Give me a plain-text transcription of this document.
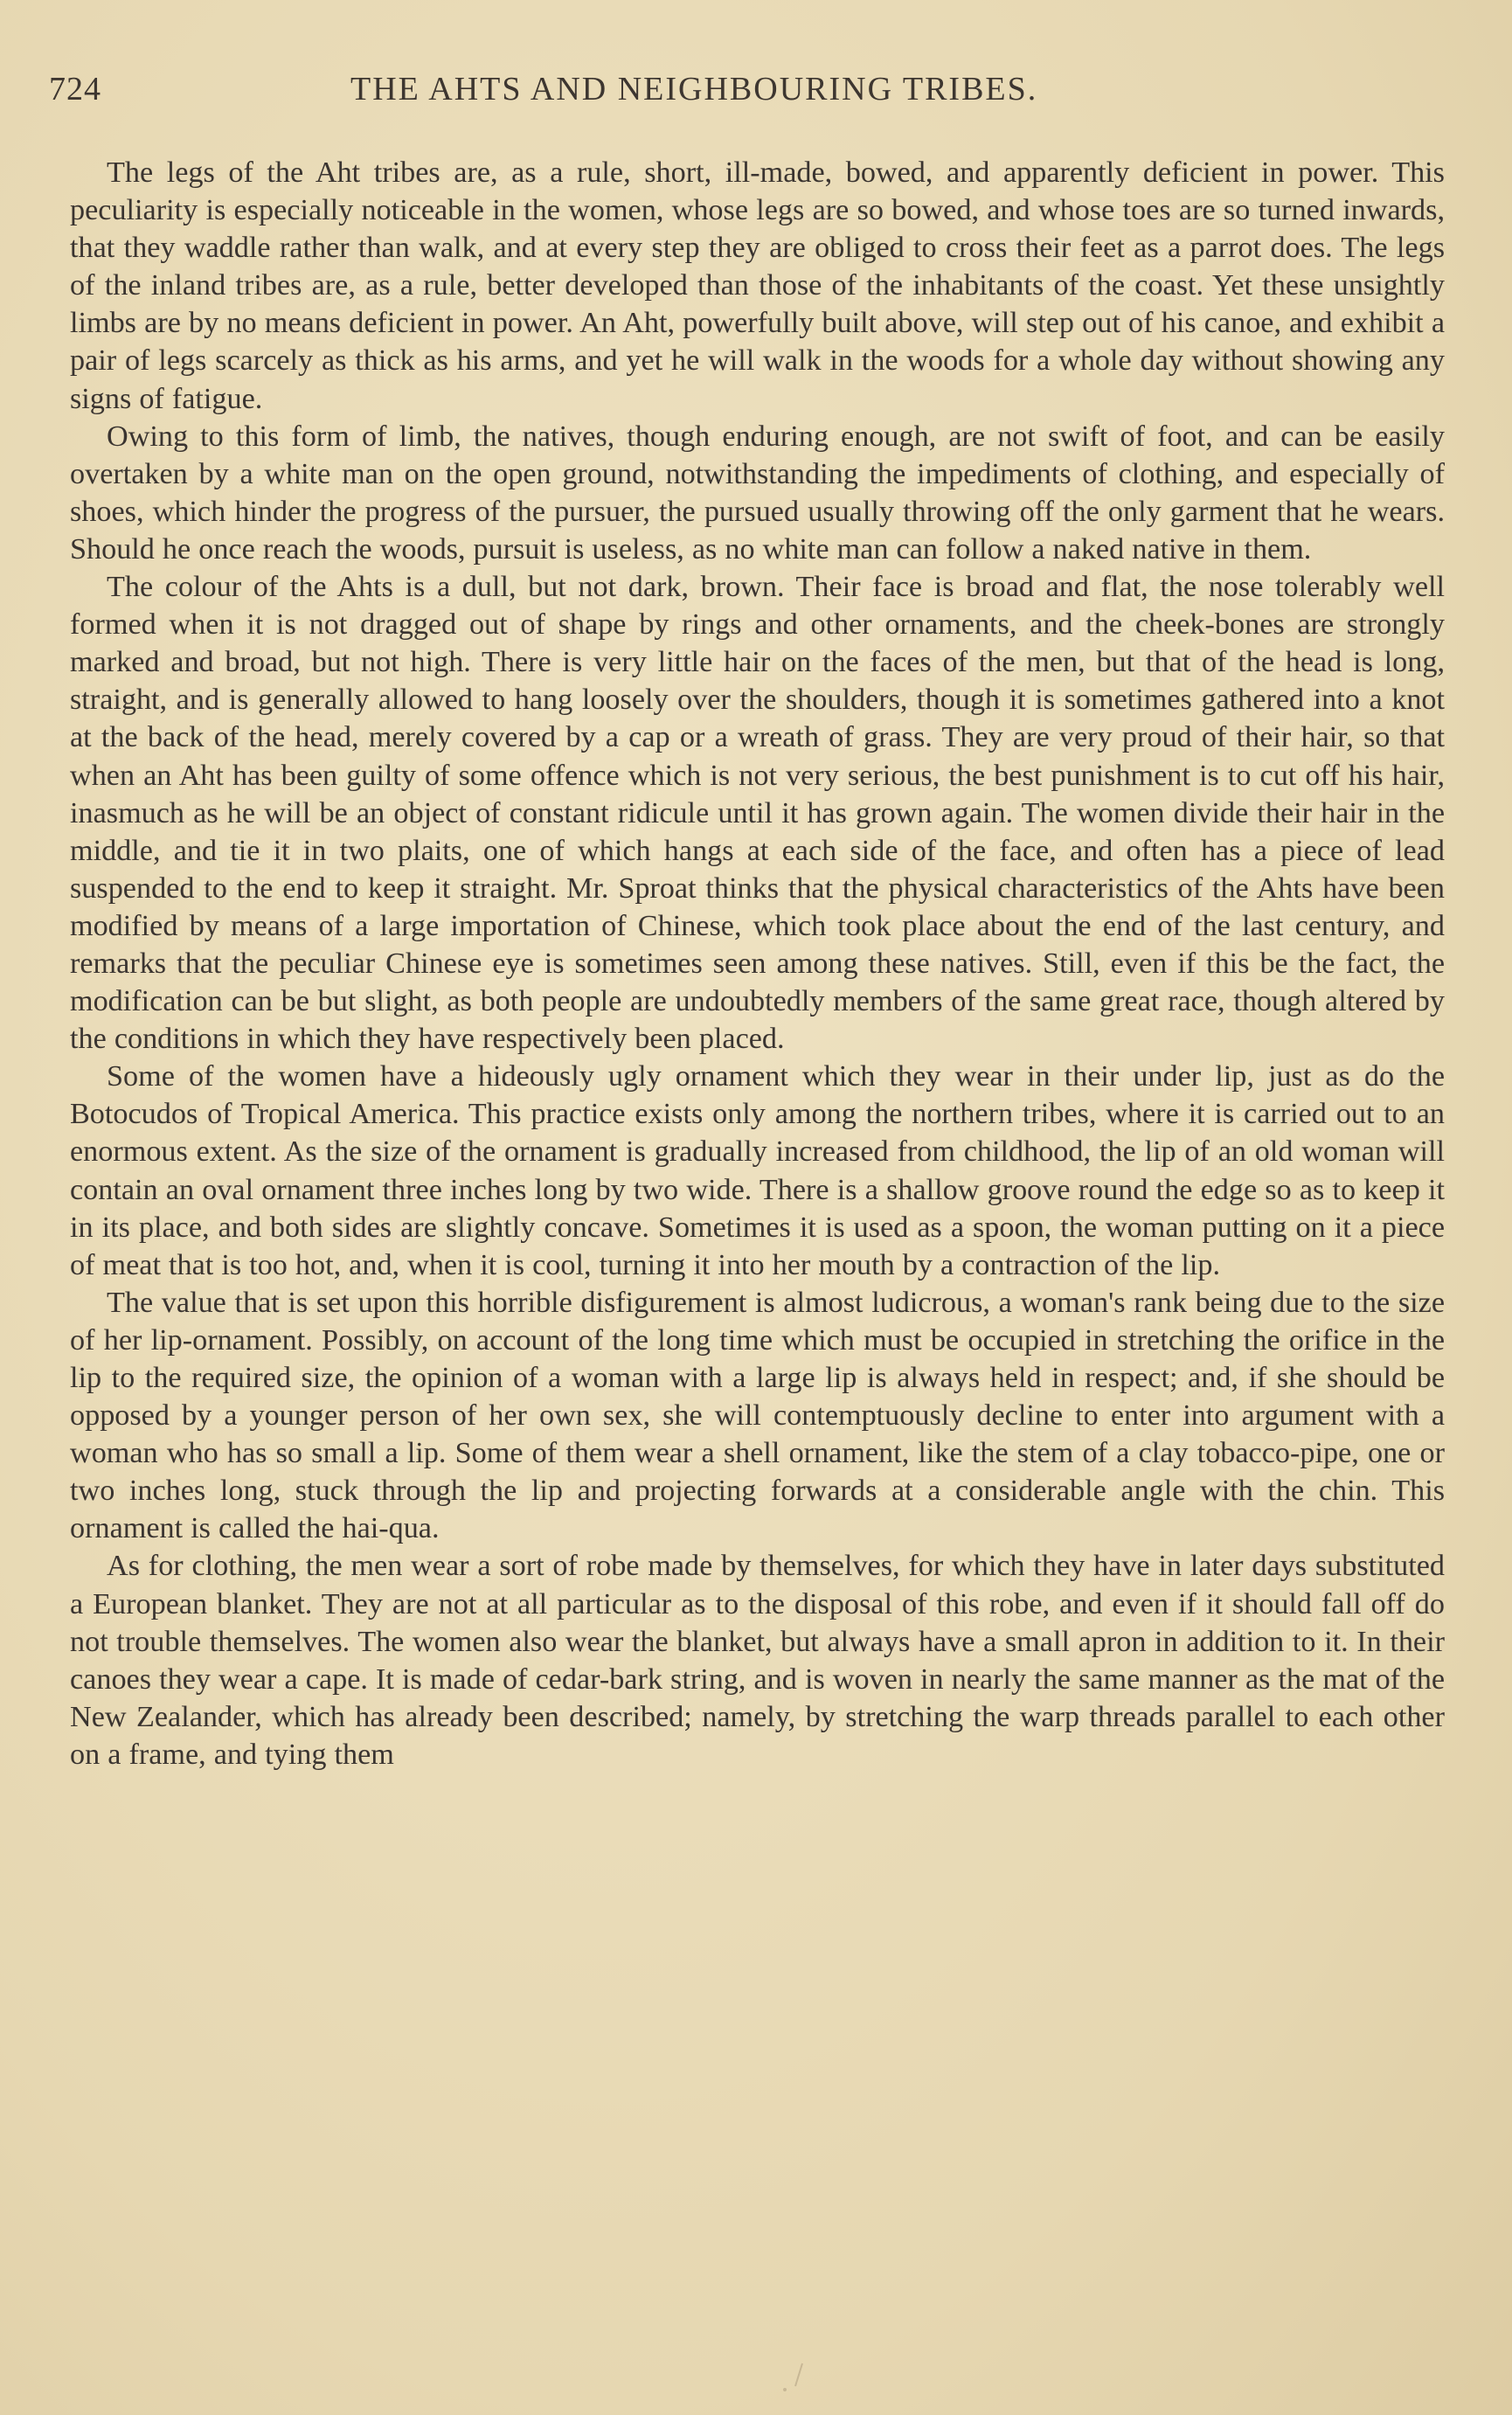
724	THE AHTS AND NEIGHBOURING TRIBES.

The legs of the Aht tribes are, as a rule, short, ill-made, bowed, and apparently deficient in power. This peculiarity is especially noticeable in the women, whose legs are so bowed, and whose toes are so turned inwards, that they waddle rather than walk, and at every step they are obliged to cross their feet as a parrot does. The legs of the inland tribes are, as a rule, better developed than those of the inhabitants of the coast. Yet these unsightly limbs are by no means deficient in power. An Aht, powerfully built above, will step out of his canoe, and exhibit a pair of legs scarcely as thick as his arms, and yet he will walk in the woods for a whole day without showing any signs of fatigue.

Owing to this form of limb, the natives, though enduring enough, are not swift of foot, and can be easily overtaken by a white man on the open ground, notwithstanding the impediments of clothing, and especially of shoes, which hinder the progress of the pursuer, the pursued usually throwing off the only garment that he wears. Should he once reach the woods, pursuit is useless, as no white man can follow a naked native in them.

The colour of the Ahts is a dull, but not dark, brown. Their face is broad and flat, the nose tolerably well formed when it is not dragged out of shape by rings and other ornaments, and the cheek-bones are strongly marked and broad, but not high. There is very little hair on the faces of the men, but that of the head is long, straight, and is generally allowed to hang loosely over the shoulders, though it is sometimes gathered into a knot at the back of the head, merely covered by a cap or a wreath of grass. They are very proud of their hair, so that when an Aht has been guilty of some offence which is not very serious, the best punishment is to cut off his hair, inasmuch as he will be an object of constant ridicule until it has grown again. The women divide their hair in the middle, and tie it in two plaits, one of which hangs at each side of the face, and often has a piece of lead suspended to the end to keep it straight. Mr. Sproat thinks that the physical characteristics of the Ahts have been modified by means of a large importation of Chinese, which took place about the end of the last century, and remarks that the peculiar Chinese eye is sometimes seen among these natives. Still, even if this be the fact, the modification can be but slight, as both people are undoubtedly members of the same great race, though altered by the conditions in which they have respectively been placed.

Some of the women have a hideously ugly ornament which they wear in their under lip, just as do the Botocudos of Tropical America. This practice exists only among the northern tribes, where it is carried out to an enormous extent. As the size of the ornament is gradually increased from childhood, the lip of an old woman will contain an oval ornament three inches long by two wide. There is a shallow groove round the edge so as to keep it in its place, and both sides are slightly concave. Sometimes it is used as a spoon, the woman putting on it a piece of meat that is too hot, and, when it is cool, turning it into her mouth by a contraction of the lip.

The value that is set upon this horrible disfigurement is almost ludicrous, a woman's rank being due to the size of her lip-ornament. Possibly, on account of the long time which must be occupied in stretching the orifice in the lip to the required size, the opinion of a woman with a large lip is always held in respect; and, if she should be opposed by a younger person of her own sex, she will contemptuously decline to enter into argument with a woman who has so small a lip. Some of them wear a shell ornament, like the stem of a clay tobacco-pipe, one or two inches long, stuck through the lip and projecting forwards at a considerable angle with the chin. This ornament is called the hai-qua.

As for clothing, the men wear a sort of robe made by themselves, for which they have in later days substituted a European blanket. They are not at all particular as to the disposal of this robe, and even if it should fall off do not trouble themselves. The women also wear the blanket, but always have a small apron in addition to it. In their canoes they wear a cape. It is made of cedar-bark string, and is woven in nearly the same manner as the mat of the New Zealander, which has already been described; namely, by stretching the warp threads parallel to each other on a frame, and tying them
